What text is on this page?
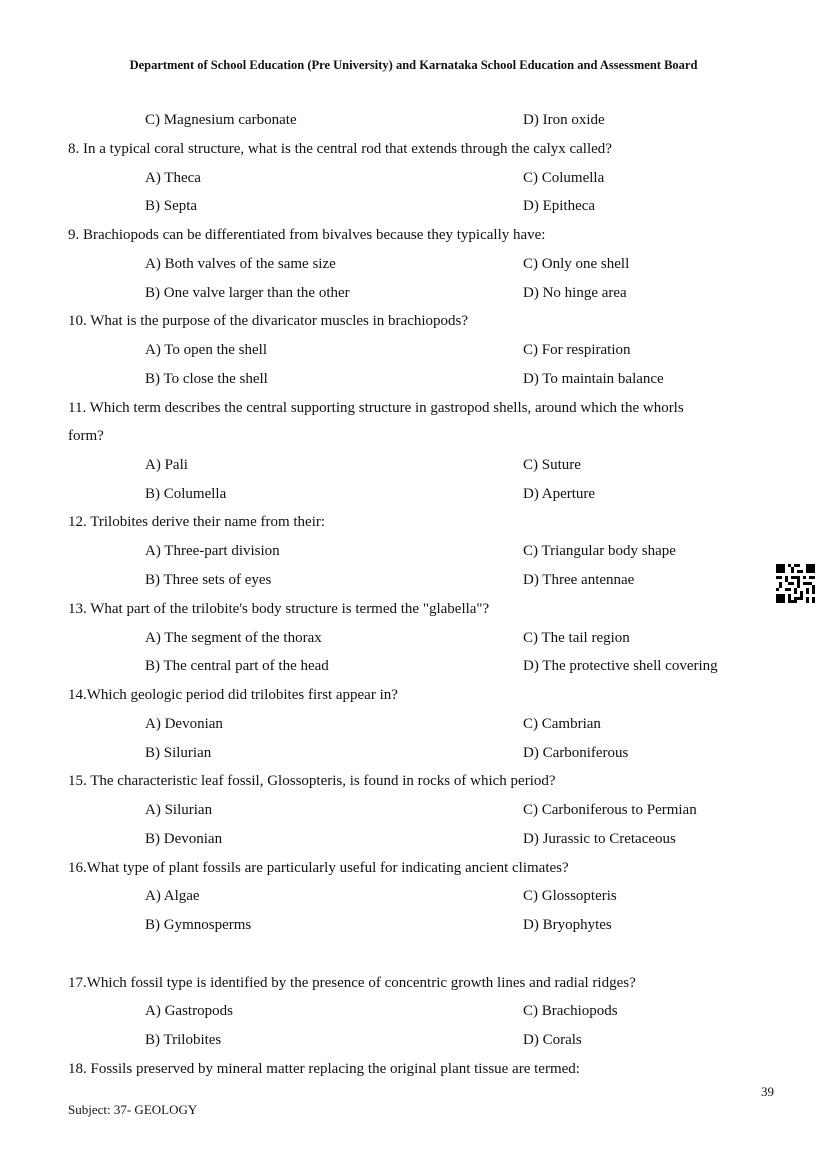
Department of School Education (Pre University) and Karnataka School Education and Assessment Board
C) Magnesium carbonate	D) Iron oxide
8. In a typical coral structure, what is the central rod that extends through the calyx called?
A) Theca	C) Columella
B) Septa	D) Epitheca
9. Brachiopods can be differentiated from bivalves because they typically have:
A) Both valves of the same size	C) Only one shell
B) One valve larger than the other	D) No hinge area
10. What is the purpose of the divaricator muscles in brachiopods?
A) To open the shell	C) For respiration
B) To close the shell	D) To maintain balance
11. Which term describes the central supporting structure in gastropod shells, around which the whorls
form?
A) Pali	C) Suture
B) Columella	D) Aperture
12. Trilobites derive their name from their:
A) Three-part division	C) Triangular body shape
B) Three sets of eyes	D) Three antennae
13. What part of the trilobite's body structure is termed the "glabella"?
A) The segment of the thorax	C) The tail region
B) The central part of the head	D) The protective shell covering
14.Which geologic period did trilobites first appear in?
A) Devonian	C) Cambrian
B) Silurian	D) Carboniferous
15. The characteristic leaf fossil, Glossopteris, is found in rocks of which period?
A) Silurian	C) Carboniferous to Permian
B) Devonian	D) Jurassic to Cretaceous
16.What type of plant fossils are particularly useful for indicating ancient climates?
A) Algae	C) Glossopteris
B) Gymnosperms	D) Bryophytes
17.Which fossil type is identified by the presence of concentric growth lines and radial ridges?
A) Gastropods	C) Brachiopods
B) Trilobites	D) Corals
18. Fossils preserved by mineral matter replacing the original plant tissue are termed:
39
Subject: 37- GEOLOGY
